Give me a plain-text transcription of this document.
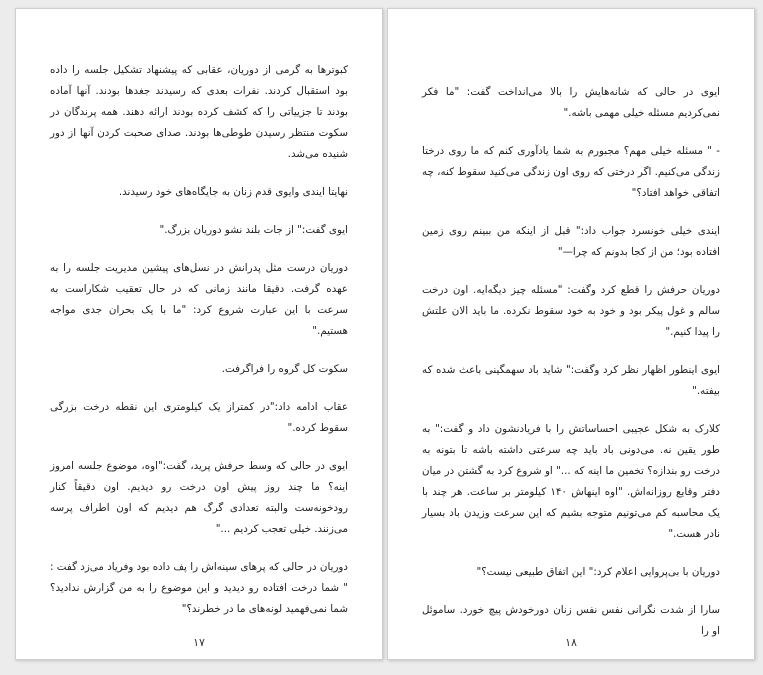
کبوترها به گرمی از دوریان، عقابی که پیشنهاد تشکیل جلسه را داده بود استقبال کردند. نفرات بعدی که رسیدند جغدها بودند. آنها آماده بودند تا جزییاتی را که کشف کرده بودند ارائه دهند. همه پرندگان در سکوت منتظر رسیدن طوطی‌ها بودند. صدای صحبت کردن آنها از دور شنیده می‌شد.

نهایتا ایندی وایوی قدم زنان به جایگاه‌های خود رسیدند.

ایوی گفت:" از جات بلند نشو دوریان بزرگ."

دوریان درست مثل پدرانش در نسل‌های پیشین مدیریت جلسه را به عهده گرفت. دقیقا مانند زمانی که در حال تعقیب شکاراست به سرعت با این عبارت شروع کرد: "ما با یک بحران جدی مواجه هستیم."

سکوت کل گروه را فراگرفت.

عقاب ادامه داد:"در کمتراز یک کیلومتری این نقطه درخت بزرگی سقوط کرده."

ایوی در حالی که وسط حرفش پرید، گفت:"اوه، موضوع جلسه امروز اینه؟ ما چند روز پیش اون درخت رو دیدیم. اون دقیقاً کنار رودخونه‌ست والبته تعدادی گرگ هم دیدیم که اون اطراف پرسه می‌زنند. خیلی تعجب کردیم ..."

دوریان در حالی که پرهای سینه‌اش را پف داده بود وفریاد می‌زد گفت : " شما درخت افتاده رو دیدید و این موضوع را به من گزارش ندادید؟ شما نمی‌فهمید لونه‌های ما در خطرند؟"

۱۷

ایوی در حالی که شانه‌هایش را بالا می‌انداخت گفت: "ما فکر نمی‌کردیم مسئله خیلی مهمی باشه."

- " مسئله خیلی مهم؟ مجبورم به شما یادآوری کنم که ما روی درختا زندگی می‌کنیم. اگر درختی که روی اون زندگی می‌کنید سقوط کنه، چه اتفاقی خواهد افتاد؟"

ایندی خیلی خونسرد جواب داد:" قبل از اینکه من ببینم روی زمین افتاده بود؛ من از کجا بدونم که چرا—"

دوریان حرفش را قطع کرد وگفت: "مسئله چیز دیگه‌ایه. اون درخت سالم و غول پیکر بود و خود به خود سقوط نکرده. ما باید الان علتش را پیدا کنیم."

ایوی اینطور اظهار نظر کرد وگفت:" شاید باد سهمگینی باعث شده که بیفته."

کلارک به شکل عجیبی احساساتش را با فریادنشون داد و گفت:" به طور یقین نه. می‌دونی باد باید چه سرعتی داشته باشه تا بتونه به درخت رو بندازه؟ تخمین ما اینه که ..." او شروع کرد به گشتن در میان دفتر وقایع روزانه‌اش. "اوه اینهاش ۱۴۰ کیلومتر بر ساعت. هر چند با یک محاسبه کم می‌تونیم متوجه بشیم که این سرعت وزیدن باد بسیار نادر هست."

دوریان با بی‌پروایی اعلام کرد:" این اتفاق طبیعی نیست؟"

سارا از شدت نگرانی نفس نفس زنان دورخودش پیچ خورد. ساموئل او را

۱۸
